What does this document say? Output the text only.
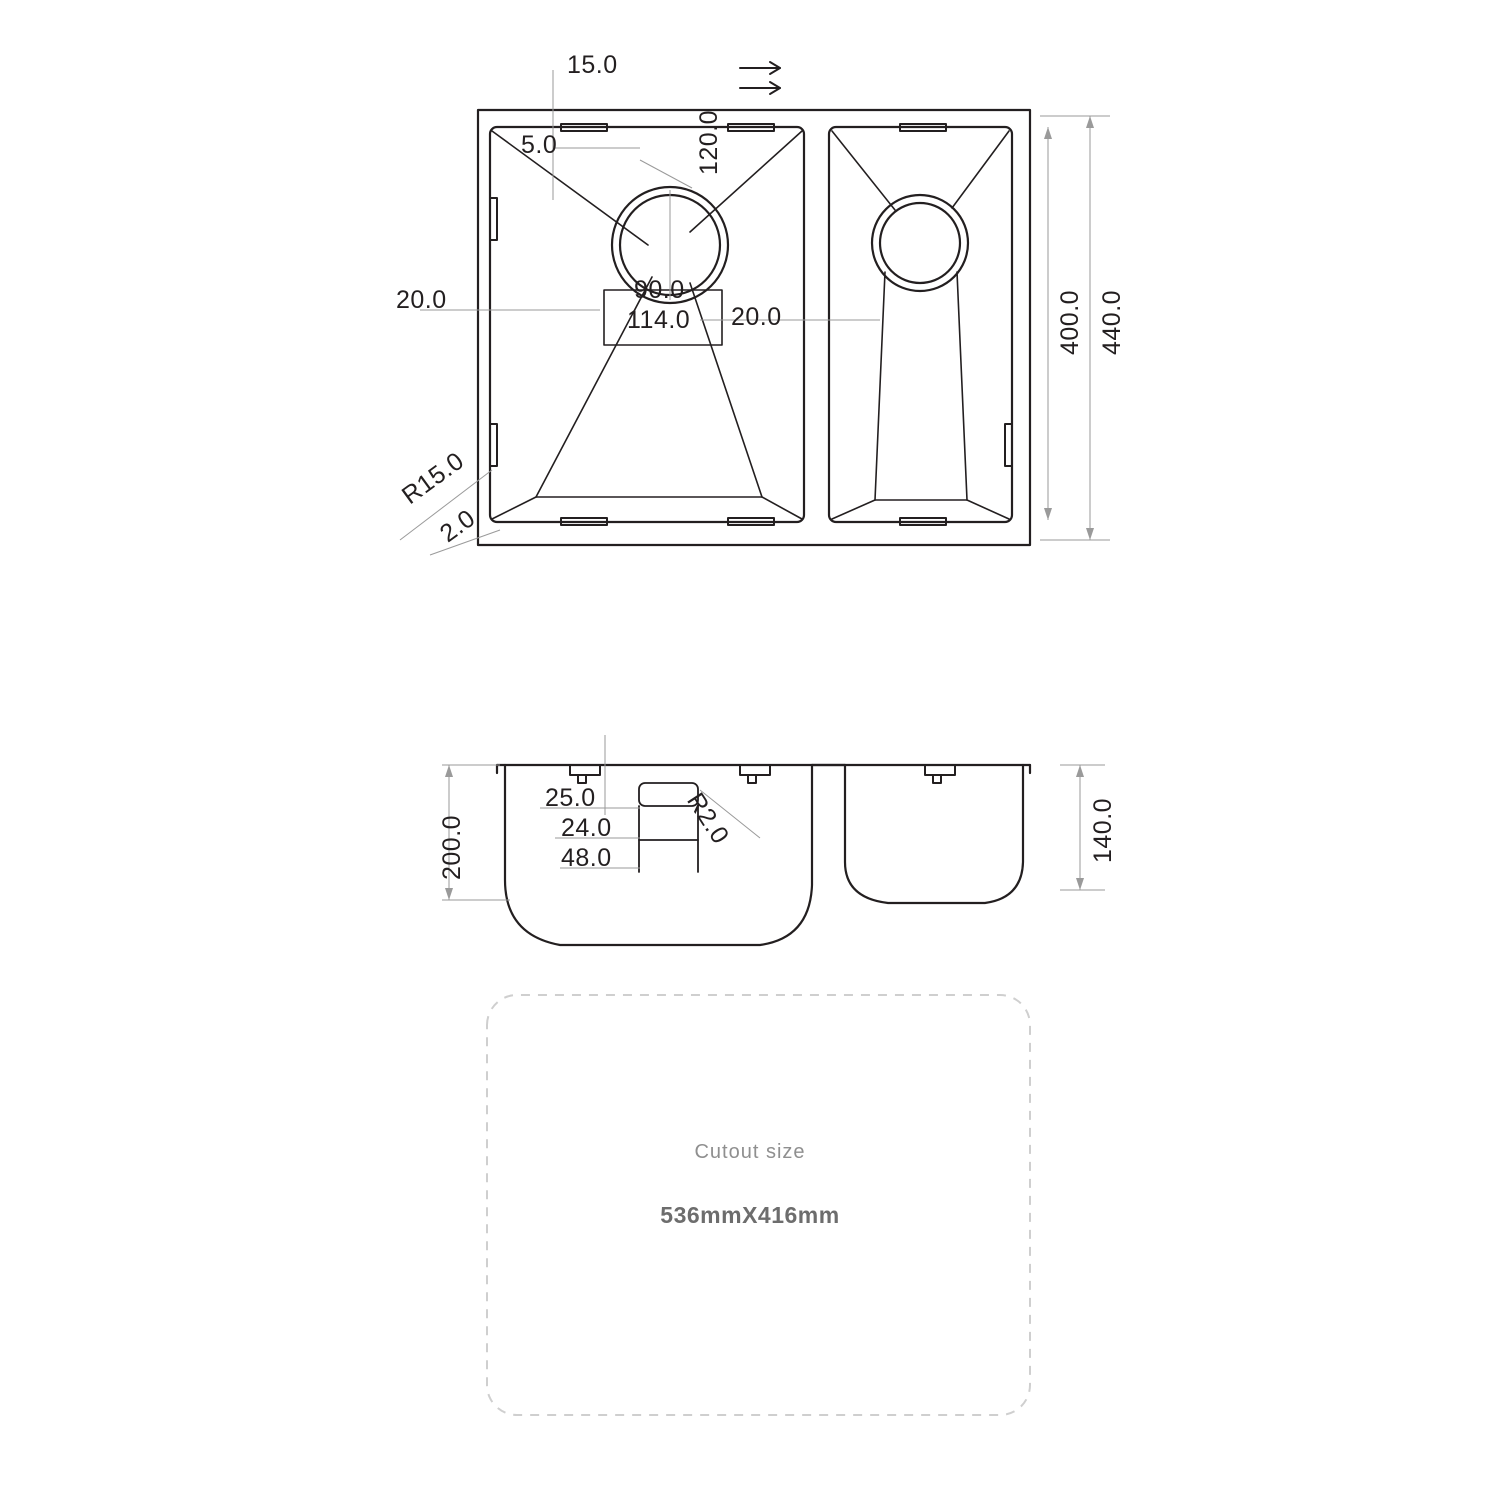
15.0
5.0	120.0
90.0
114.0
20.0
20.0
R15.0
2.0
400.0 440.0
200.0
25.0
24.0
48.0
R2.0	140.0
Cutout size
536mmX416mm
